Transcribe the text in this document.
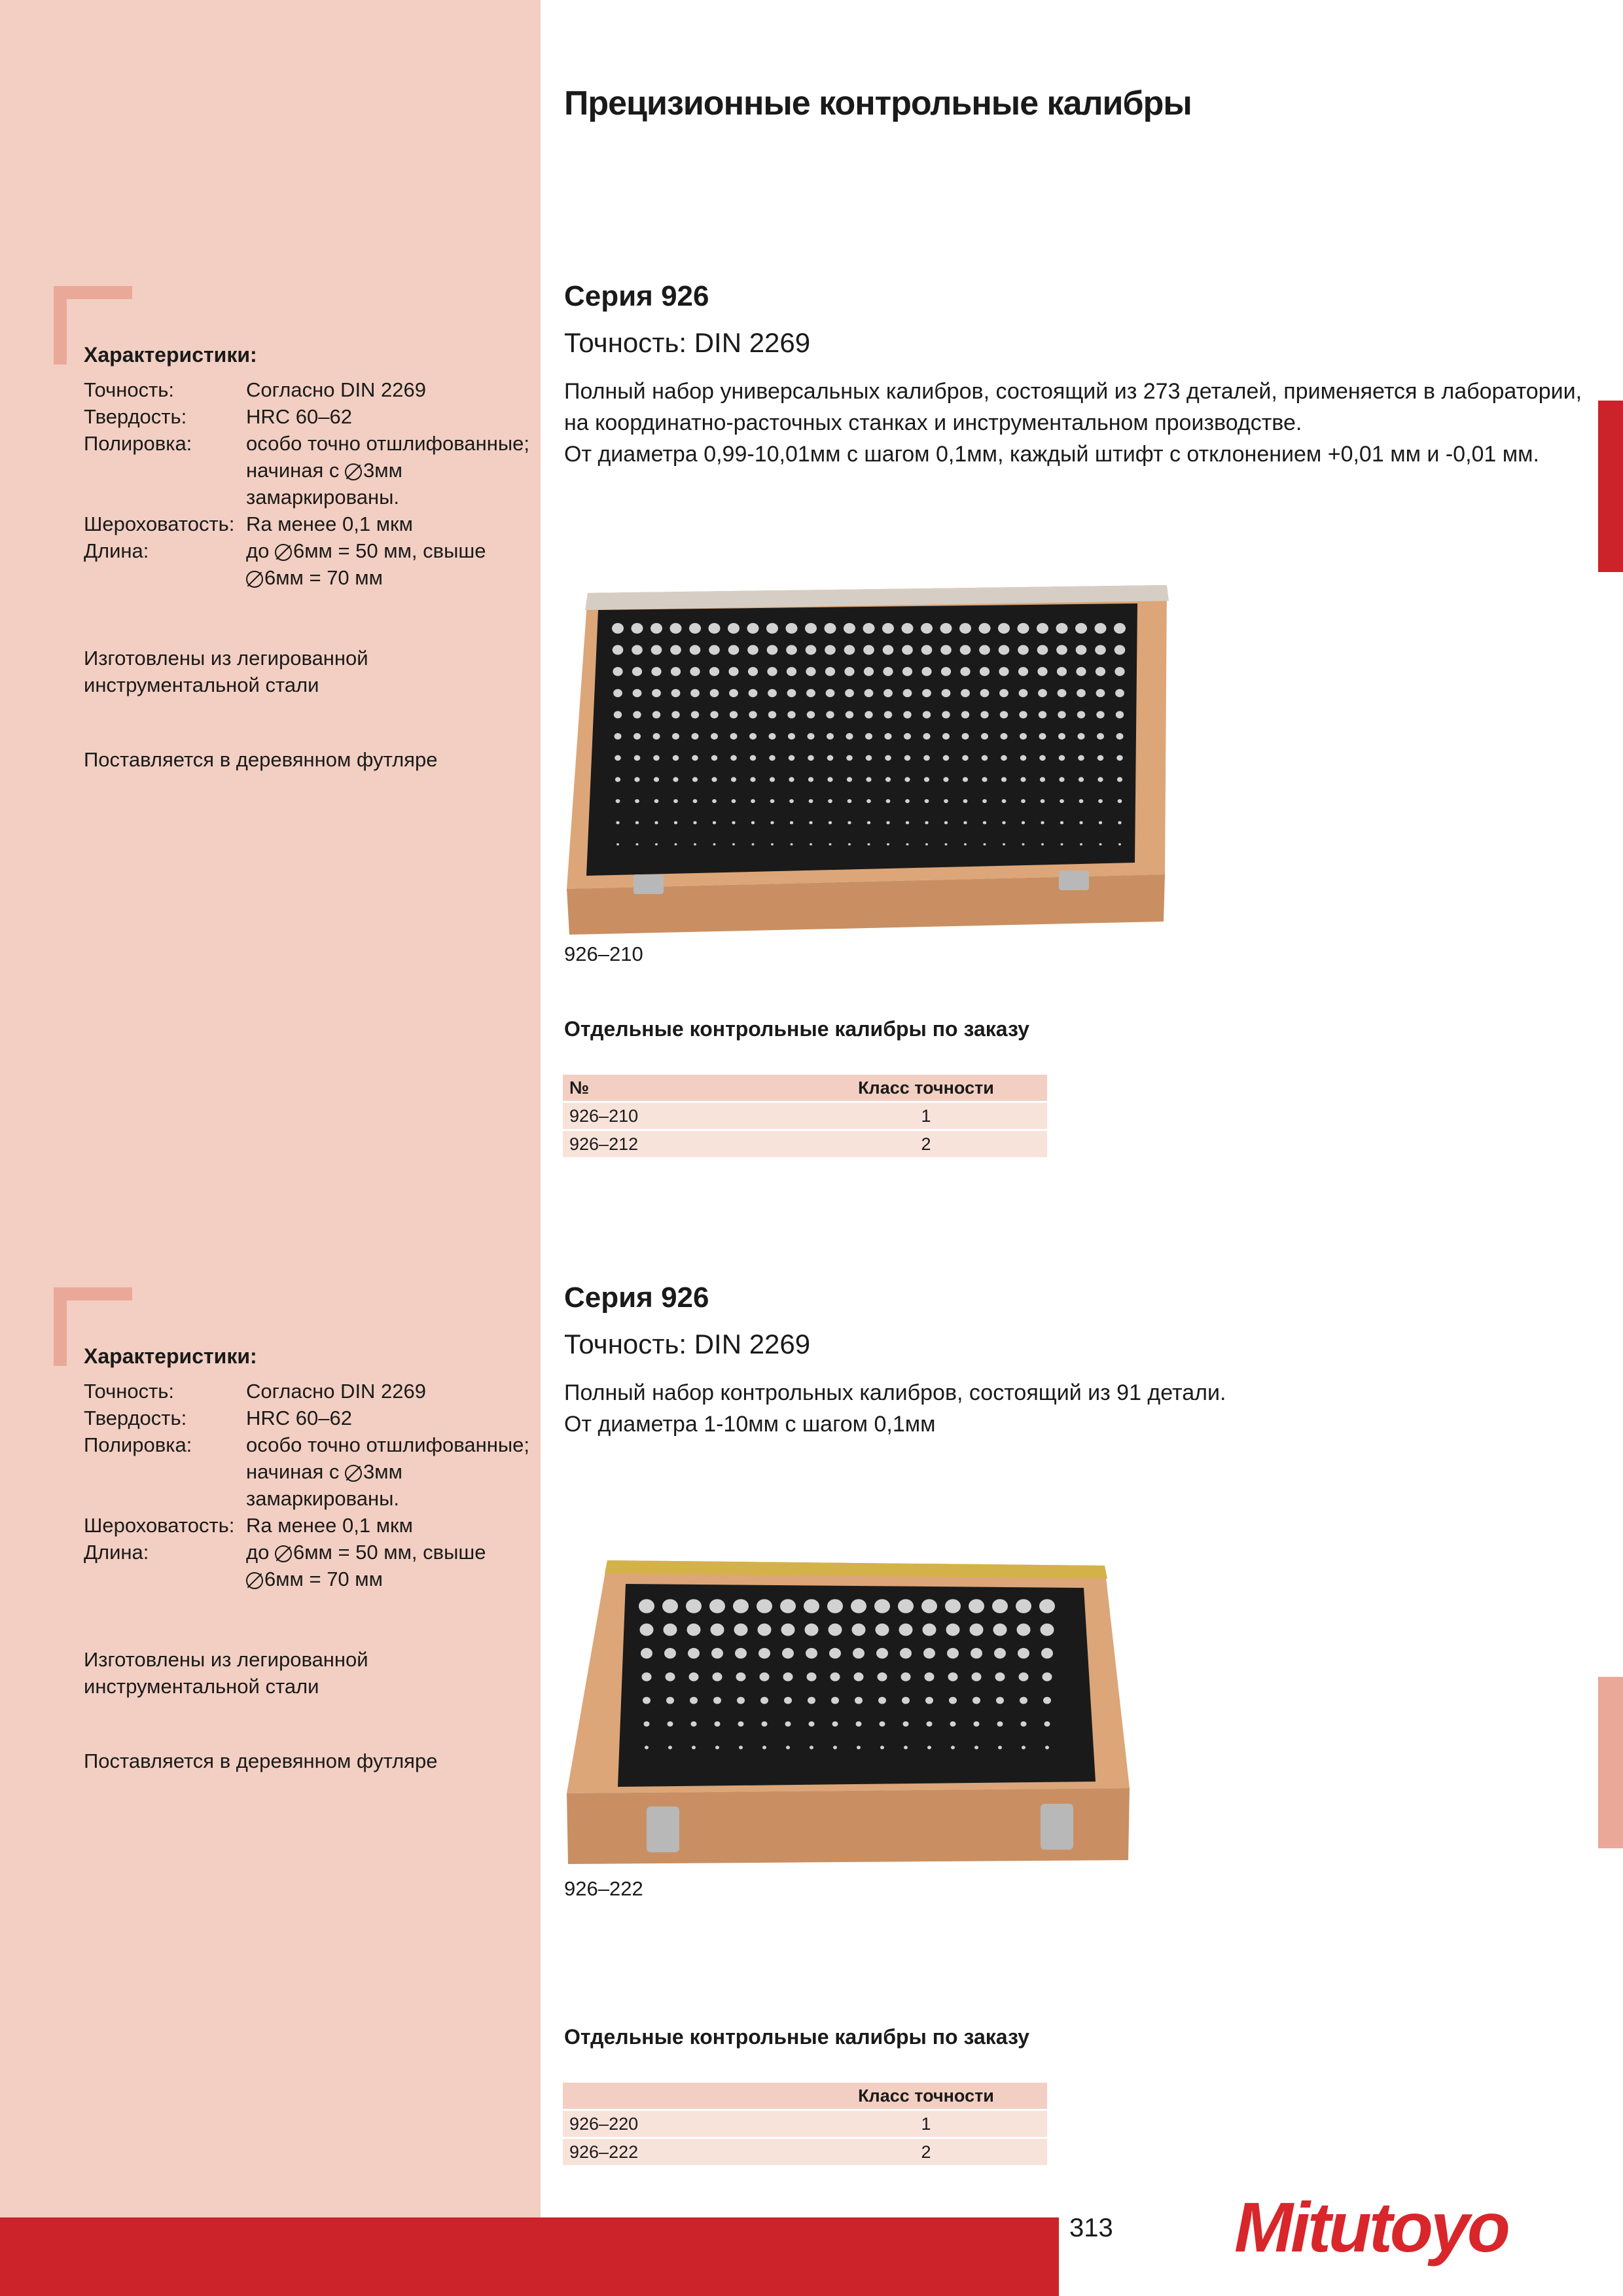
Прецизионные контрольные калибры
Характеристики:
Точность:	Согласно DIN 2269
Твердость:	HRC 60–62
Полировка:	особо точно отшлифованные;
начиная с 3мм
замаркированы.
Шероховатость: Ra менее 0,1 мкм
Длина:	до 6мм = 50 мм, свыше
6мм = 70 мм
Изготовлены из легированной
инструментальной стали
Поставляется в деревянном футляре
Серия 926
Точность: DIN 2269
Полный набор универсальных калибров, состоящий из 273 деталей, применяется в лаборатории,
на координатно-расточных станках и инструментальном производстве.
От диаметра 0,99-10,01мм с шагом 0,1мм, каждый штифт с отклонением +0,01 мм и -0,01 мм.
926–210
Отдельные контрольные калибры по заказу
№	Класс точности
926–210	1
926–212	2
Характеристики:
Точность:	Согласно DIN 2269
Твердость:	HRC 60–62
Полировка:	особо точно отшлифованные;
начиная с 3мм
замаркированы.
Шероховатость: Ra менее 0,1 мкм
Длина:	до 6мм = 50 мм, свыше
6мм = 70 мм
Изготовлены из легированной
инструментальной стали
Поставляется в деревянном футляре
Серия 926
Точность: DIN 2269
Полный набор контрольных калибров, состоящий из 91 детали.
От диаметра 1-10мм с шагом 0,1мм
926–222
Отдельные контрольные калибры по заказу
	Класс точности
926–220	1
926–222	2
313 Mitutoyo
